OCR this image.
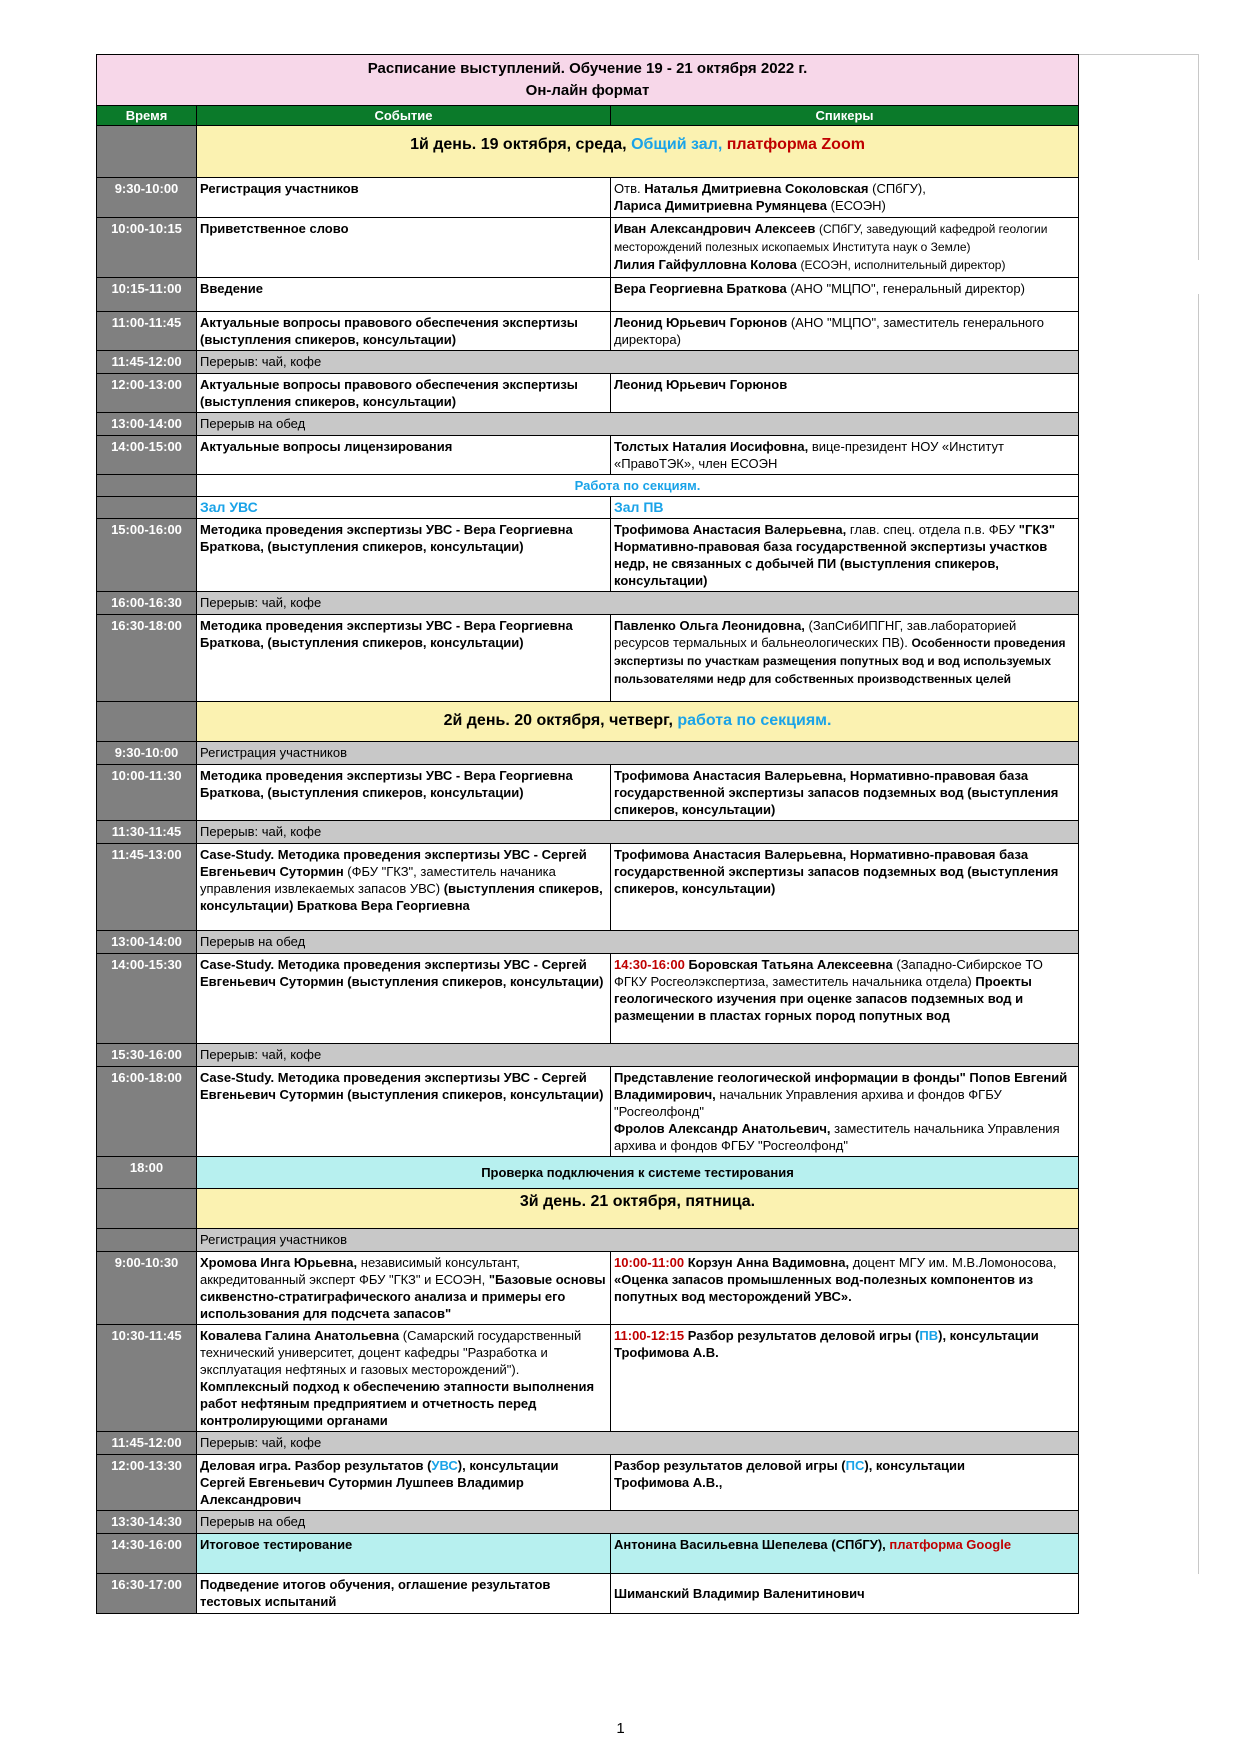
Расписание выступлений. Обучение 19 - 21 октября 2022 г.
Он-лайн формат		

Время	Событие	Спикеры
	1й день. 19 октября, среда, Общий зал, платформа Zoom	
9:30-10:00	Регистрация участников	Отв. Наталья Дмитриевна Соколовская (СПбГУ),
Лариса Димитриевна Румянцева (ЕСОЭН)
10:00-10:15	Приветственное слово	Иван Александрович Алексеев (СПбГУ, заведующий кафедрой геологии месторождений полезных ископаемых Института наук о Земле)
Лилия Гайфулловна Колова (ЕСОЭН, исполнительный директор)
10:15-11:00	Введение	Вера Георгиевна Браткова (АНО "МЦПО", генеральный директор)
11:00-11:45	Актуальные вопросы правового обеспечения экспертизы (выступления спикеров, консультации)	Леонид Юрьевич Горюнов (АНО "МЦПО", заместитель генерального директора)
11:45-12:00	Перерыв: чай, кофе	
12:00-13:00	Актуальные вопросы правового обеспечения экспертизы (выступления спикеров, консультации)	Леонид Юрьевич Горюнов
13:00-14:00	Перерыв на обед	
14:00-15:00	Актуальные вопросы лицензирования	Толстых Наталия Иосифовна, вице-президент НОУ «Институт «ПравоТЭК», член ЕСОЭН
	Работа по секциям.	
	Зал УВС	Зал ПВ
15:00-16:00	Методика проведения экспертизы УВС - Вера Георгиевна Браткова, (выступления спикеров, консультации)	Трофимова Анастасия Валерьевна, глав. спец. отдела п.в. ФБУ "ГКЗ" Нормативно-правовая база государственной экспертизы участков недр, не связанных с добычей ПИ (выступления спикеров, консультации)
16:00-16:30	Перерыв: чай, кофе	
16:30-18:00	Методика проведения экспертизы УВС - Вера Георгиевна Браткова, (выступления спикеров, консультации)	Павленко Ольга Леонидовна, (ЗапСибИПГНГ, зав.лабораторией ресурсов термальных и бальнеологических ПВ). Особенности проведения экспертизы по участкам размещения попутных вод и вод используемых пользователями недр для собственных производственных целей
	2й день. 20 октября, четверг, работа по секциям.	
9:30-10:00	Регистрация участников	
10:00-11:30	Методика проведения экспертизы УВС - Вера Георгиевна Браткова, (выступления спикеров, консультации)	Трофимова Анастасия Валерьевна, Нормативно-правовая база государственной экспертизы запасов подземных вод (выступления спикеров, консультации)
11:30-11:45	Перерыв: чай, кофе	
11:45-13:00	Case-Study. Методика проведения экспертизы УВС - Сергей Евгеньевич Сутормин (ФБУ "ГКЗ", заместитель начаника управления извлекаемых запасов УВС) (выступления спикеров, консультации) Браткова Вера Георгиевна	Трофимова Анастасия Валерьевна, Нормативно-правовая база государственной экспертизы запасов подземных вод (выступления спикеров, консультации)
13:00-14:00	Перерыв на обед	
14:00-15:30	Case-Study. Методика проведения экспертизы УВС - Сергей Евгеньевич Сутормин (выступления спикеров, консультации)	14:30-16:00 Боровская Татьяна Алексеевна (Западно-Сибирское ТО ФГКУ Росгеолэкспертиза, заместитель начальника отдела) Проекты геологического изучения при оценке запасов подземных вод и размещении в пластах горных пород попутных вод
15:30-16:00	Перерыв: чай, кофе	
16:00-18:00	Case-Study. Методика проведения экспертизы УВС - Сергей Евгеньевич Сутормин (выступления спикеров, консультации)	Представление геологической информации в фонды" Попов Евгений Владимирович, начальник Управления архива и фондов ФГБУ "Росгеолфонд"
Фролов Александр Анатольевич, заместитель начальника Управления архива и фондов ФГБУ "Росгеолфонд"
18:00	Проверка подключения к системе тестирования	
	3й день. 21 октября, пятница.	
	Регистрация участников	
9:00-10:30	Хромова Инга Юрьевна, независимый консультант, аккредитованный эксперт ФБУ "ГКЗ" и ЕСОЭН, "Базовые основы сиквенстно-стратиграфического анализа и примеры его использования для подсчета запасов"	10:00-11:00 Корзун Анна Вадимовна, доцент МГУ им. М.В.Ломоносова, «Оценка запасов промышленных вод-полезных компонентов из попутных вод месторождений УВС».
10:30-11:45	Ковалева Галина Анатольевна (Самарский государственный технический университет, доцент кафедры "Разработка и эксплуатация нефтяных и газовых месторождений"). Комплексный подход к обеспечению этапности выполнения работ нефтяным предприятием и отчетность перед контролирующими органами	11:00-12:15 Разбор результатов деловой игры (ПВ), консультации
Трофимова А.В.
11:45-12:00	Перерыв: чай, кофе	
12:00-13:30	Деловая игра. Разбор результатов (УВС), консультации Сергей Евгеньевич Сутормин Лушпеев Владимир Александрович	Разбор результатов деловой игры (ПС), консультации
Трофимова А.В.,
13:30-14:30	Перерыв на обед	
14:30-16:00	Итоговое тестирование	Антонина Васильевна Шепелева (СПбГУ), платформа Google
16:30-17:00	Подведение итогов обучения, оглашение результатов тестовых испытаний	Шиманский Владимир Валенитинович
1
